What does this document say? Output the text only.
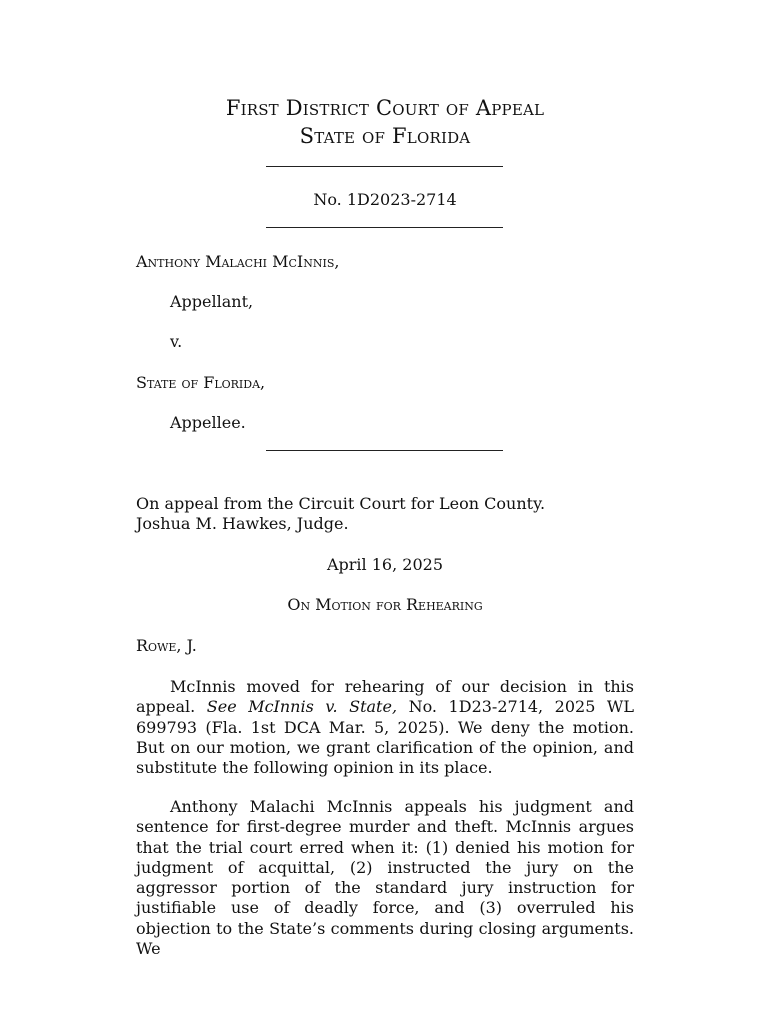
First District Court of Appeal
State of Florida
No. 1D2023-2714
Anthony Malachi McInnis,
Appellant,
v.
State of Florida,
Appellee.
On appeal from the Circuit Court for Leon County.
Joshua M. Hawkes, Judge.
April 16, 2025
On Motion for Rehearing
Rowe, J.

McInnis moved for rehearing of our decision in this appeal. See McInnis v. State, No. 1D23-2714, 2025 WL 699793 (Fla. 1st DCA Mar. 5, 2025). We deny the motion. But on our motion, we grant clarification of the opinion, and substitute the following opinion in its place.

Anthony Malachi McInnis appeals his judgment and sentence for first-degree murder and theft. McInnis argues that the trial court erred when it: (1) denied his motion for judgment of acquittal, (2) instructed the jury on the aggressor portion of the standard jury instruction for justifiable use of deadly force, and (3) overruled his objection to the State’s comments during closing arguments. We
